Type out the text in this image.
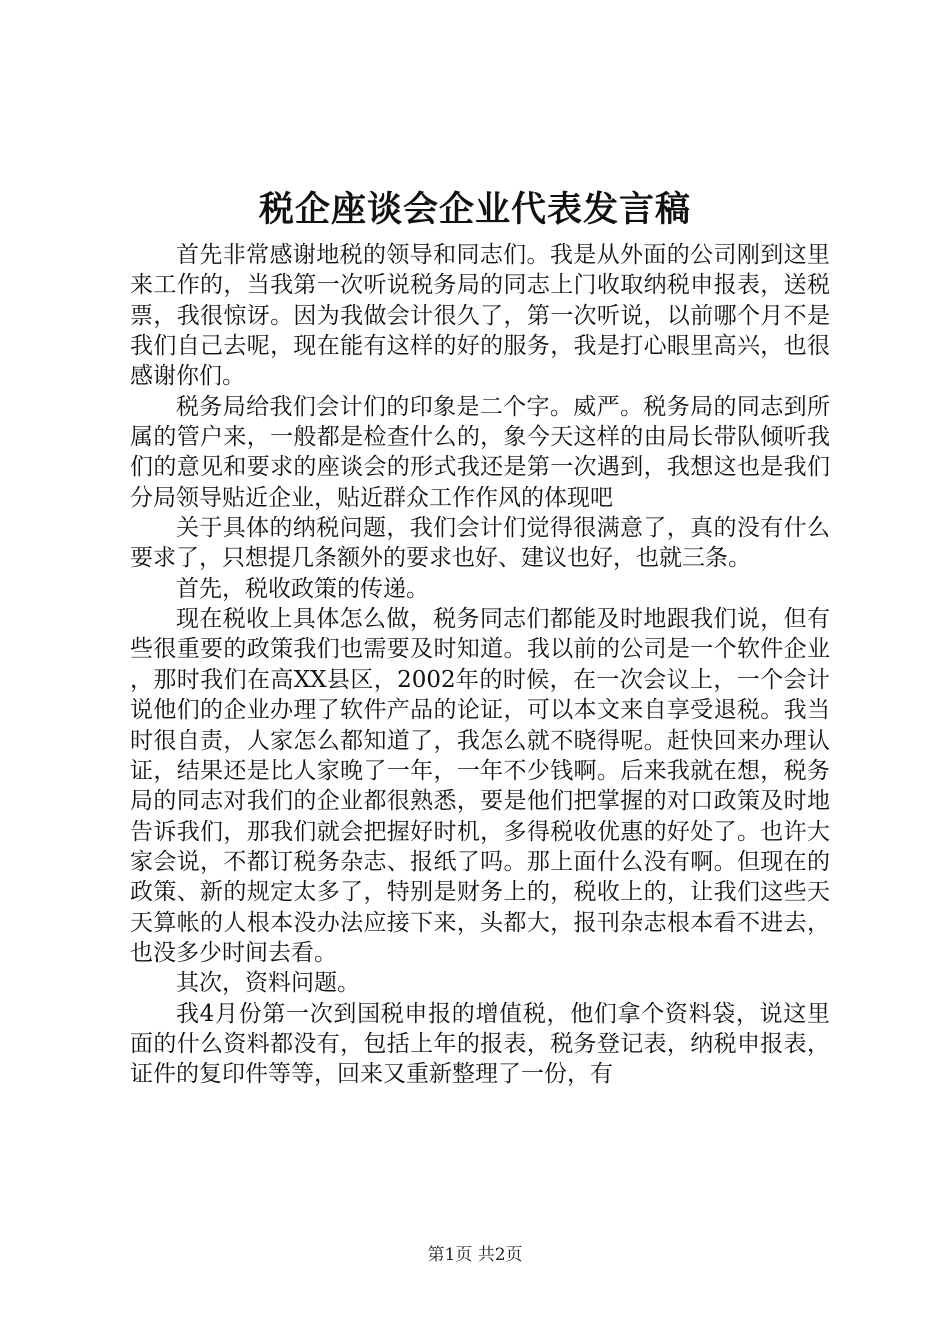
税企座谈会企业代表发言稿

首先非常感谢地税的领导和同志们。我是从外面的公司刚到这里来工作的，当我第一次听说税务局的同志上门收取纳税申报表，送税票，我很惊讶。因为我做会计很久了，第一次听说，以前哪个月不是我们自己去呢，现在能有这样的好的服务，我是打心眼里高兴，也很感谢你们。

税务局给我们会计们的印象是二个字。威严。税务局的同志到所属的管户来，一般都是检查什么的，象今天这样的由局长带队倾听我们的意见和要求的座谈会的形式我还是第一次遇到，我想这也是我们分局领导贴近企业，贴近群众工作作风的体现吧

关于具体的纳税问题，我们会计们觉得很满意了，真的没有什么要求了，只想提几条额外的要求也好、建议也好，也就三条。

首先，税收政策的传递。

现在税收上具体怎么做，税务同志们都能及时地跟我们说，但有些很重要的政策我们也需要及时知道。我以前的公司是一个软件企业，那时我们在高XX县区，2002年的时候，在一次会议上，一个会计说他们的企业办理了软件产品的论证，可以本文来自享受退税。我当时很自责，人家怎么都知道了，我怎么就不晓得呢。赶快回来办理认证，结果还是比人家晚了一年，一年不少钱啊。后来我就在想，税务局的同志对我们的企业都很熟悉，要是他们把掌握的对口政策及时地告诉我们，那我们就会把握好时机，多得税收优惠的好处了。也许大家会说，不都订税务杂志、报纸了吗。那上面什么没有啊。但现在的政策、新的规定太多了，特别是财务上的，税收上的，让我们这些天天算帐的人根本没办法应接下来，头都大，报刊杂志根本看不进去，也没多少时间去看。

其次，资料问题。

我4月份第一次到国税申报的增值税，他们拿个资料袋，说这里面的什么资料都没有，包括上年的报表，税务登记表，纳税申报表，证件的复印件等等，回来又重新整理了一份，有

第1页 共2页
